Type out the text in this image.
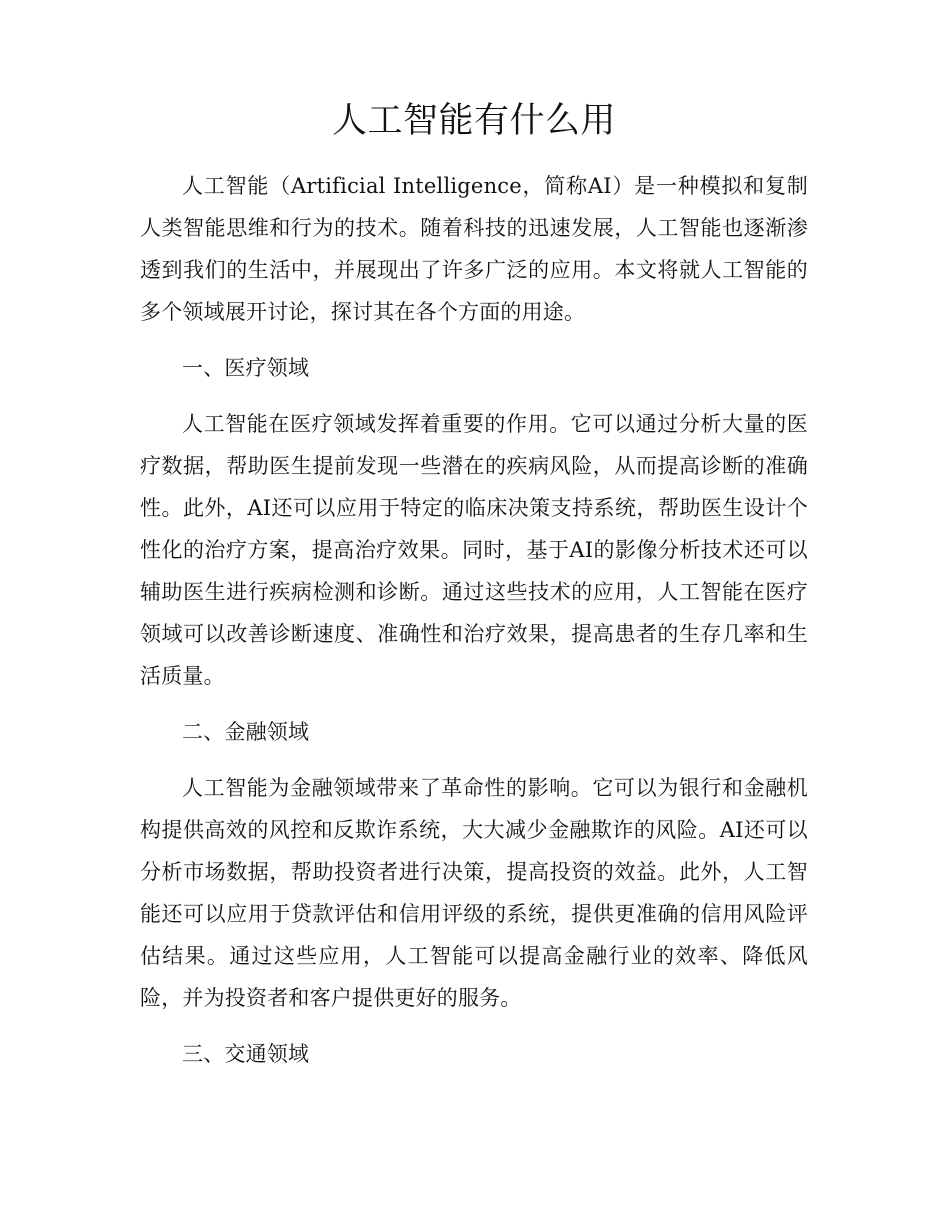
人工智能有什么用

人工智能（Artificial Intelligence，简称AI）是一种模拟和复制人类智能思维和行为的技术。随着科技的迅速发展，人工智能也逐渐渗透到我们的生活中，并展现出了许多广泛的应用。本文将就人工智能的多个领域展开讨论，探讨其在各个方面的用途。

一、医疗领域

人工智能在医疗领域发挥着重要的作用。它可以通过分析大量的医疗数据，帮助医生提前发现一些潜在的疾病风险，从而提高诊断的准确性。此外，AI还可以应用于特定的临床决策支持系统，帮助医生设计个性化的治疗方案，提高治疗效果。同时，基于AI的影像分析技术还可以辅助医生进行疾病检测和诊断。通过这些技术的应用，人工智能在医疗领域可以改善诊断速度、准确性和治疗效果，提高患者的生存几率和生活质量。

二、金融领域

人工智能为金融领域带来了革命性的影响。它可以为银行和金融机构提供高效的风控和反欺诈系统，大大减少金融欺诈的风险。AI还可以分析市场数据，帮助投资者进行决策，提高投资的效益。此外，人工智能还可以应用于贷款评估和信用评级的系统，提供更准确的信用风险评估结果。通过这些应用，人工智能可以提高金融行业的效率、降低风险，并为投资者和客户提供更好的服务。

三、交通领域
